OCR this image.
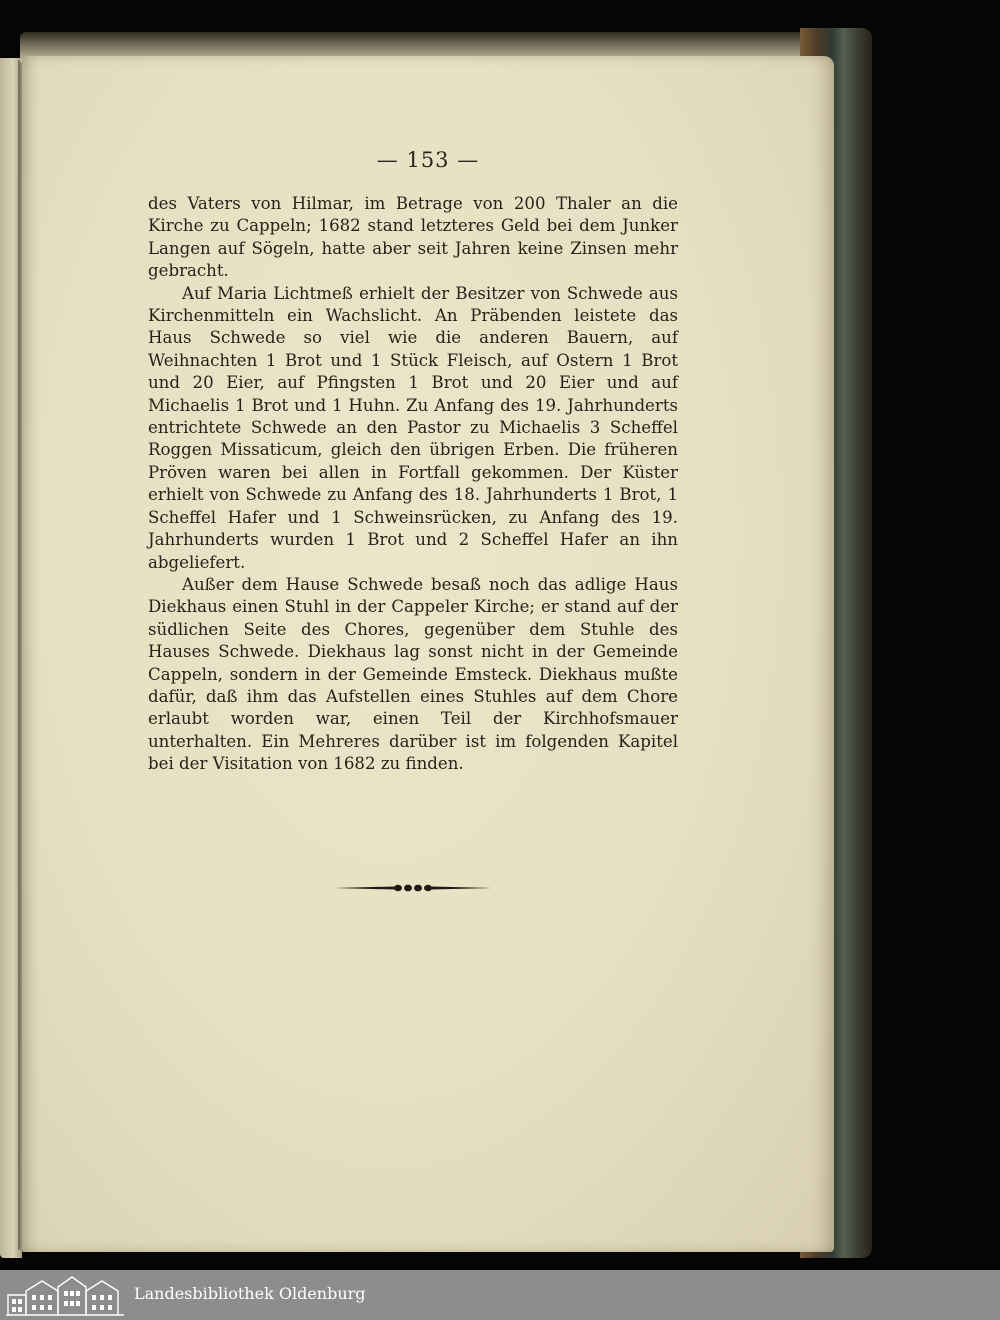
— 153 —

des Vaters von Hilmar, im Betrage von 200 Thaler an die Kirche zu Cappeln; 1682 stand letzteres Geld bei dem Junker Langen auf Sögeln, hatte aber seit Jahren keine Zinsen mehr gebracht.

Auf Maria Lichtmeß erhielt der Besitzer von Schwede aus Kirchenmitteln ein Wachslicht. An Präbenden leistete das Haus Schwede so viel wie die anderen Bauern, auf Weihnachten 1 Brot und 1 Stück Fleisch, auf Ostern 1 Brot und 20 Eier, auf Pfingsten 1 Brot und 20 Eier und auf Michaelis 1 Brot und 1 Huhn. Zu Anfang des 19. Jahrhunderts entrichtete Schwede an den Pastor zu Michaelis 3 Scheffel Roggen Missaticum, gleich den übrigen Erben. Die früheren Pröven waren bei allen in Fortfall gekommen. Der Küster erhielt von Schwede zu Anfang des 18. Jahrhunderts 1 Brot, 1 Scheffel Hafer und 1 Schweinsrücken, zu Anfang des 19. Jahrhunderts wurden 1 Brot und 2 Scheffel Hafer an ihn abgeliefert.

Außer dem Hause Schwede besaß noch das adlige Haus Diekhaus einen Stuhl in der Cappeler Kirche; er stand auf der südlichen Seite des Chores, gegenüber dem Stuhle des Hauses Schwede. Diekhaus lag sonst nicht in der Gemeinde Cappeln, sondern in der Gemeinde Emsteck. Diekhaus mußte dafür, daß ihm das Aufstellen eines Stuhles auf dem Chore erlaubt worden war, einen Teil der Kirchhofsmauer unterhalten. Ein Mehreres darüber ist im folgenden Kapitel bei der Visitation von 1682 zu finden.

Landesbibliothek Oldenburg
